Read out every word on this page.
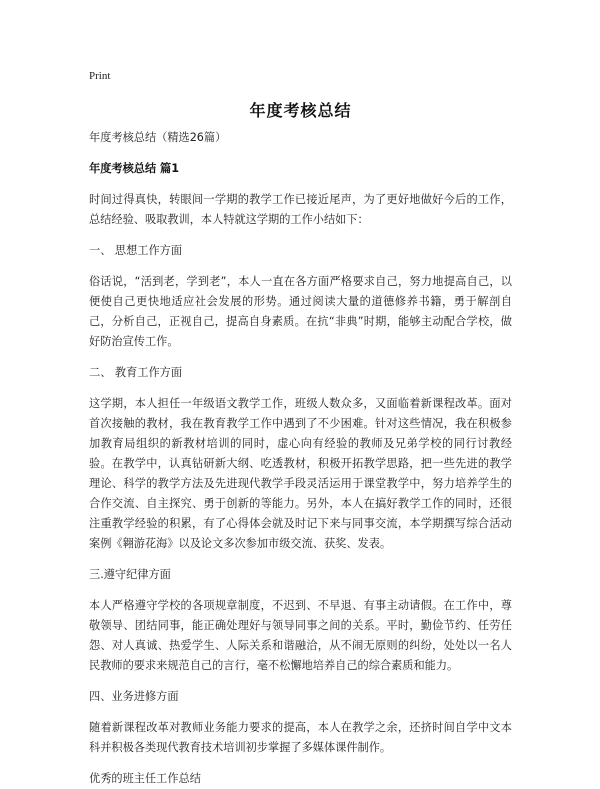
Print
年度考核总结

年度考核总结（精选26篇）

年度考核总结 篇1

时间过得真快，转眼间一学期的教学工作已接近尾声，为了更好地做好今后的工作，总结经验、吸取教训，本人特就这学期的工作小结如下：

一、 思想工作方面

俗话说，“活到老，学到老”，本人一直在各方面严格要求自己，努力地提高自己，以便使自己更快地适应社会发展的形势。通过阅读大量的道德修养书籍，勇于解剖自己，分析自己，正视自己，提高自身素质。在抗“非典”时期，能够主动配合学校，做好防治宣传工作。

二、 教育工作方面

这学期，本人担任一年级语文教学工作，班级人数众多，又面临着新课程改革。面对首次接触的教材，我在教育教学工作中遇到了不少困难。针对这些情况，我在积极参加教育局组织的新教材培训的同时，虚心向有经验的教师及兄弟学校的同行讨教经验。在教学中，认真钻研新大纲、吃透教材，积极开拓教学思路，把一些先进的教学理论、科学的教学方法及先进现代教学手段灵活运用于课堂教学中，努力培养学生的合作交流、自主探究、勇于创新的等能力。另外，本人在搞好教学工作的同时，还很注重教学经验的积累，有了心得体会就及时记下来与同事交流，本学期撰写综合活动案例《翱游花海》以及论文多次参加市级交流、获奖、发表。

三.遵守纪律方面

本人严格遵守学校的各项规章制度，不迟到、不早退、有事主动请假。在工作中，尊敬领导、团结同事，能正确处理好与领导同事之间的关系。平时，勤俭节约、任劳任怨、对人真诚、热爱学生、人际关系和谐融洽，从不闹无原则的纠纷，处处以一名人民教师的要求来规范自己的言行，毫不松懈地培养自己的综合素质和能力。

四、业务进修方面

随着新课程改革对教师业务能力要求的提高，本人在教学之余，还挤时间自学中文本科并积极各类现代教育技术培训初步掌握了多媒体课件制作。

优秀的班主任工作总结
